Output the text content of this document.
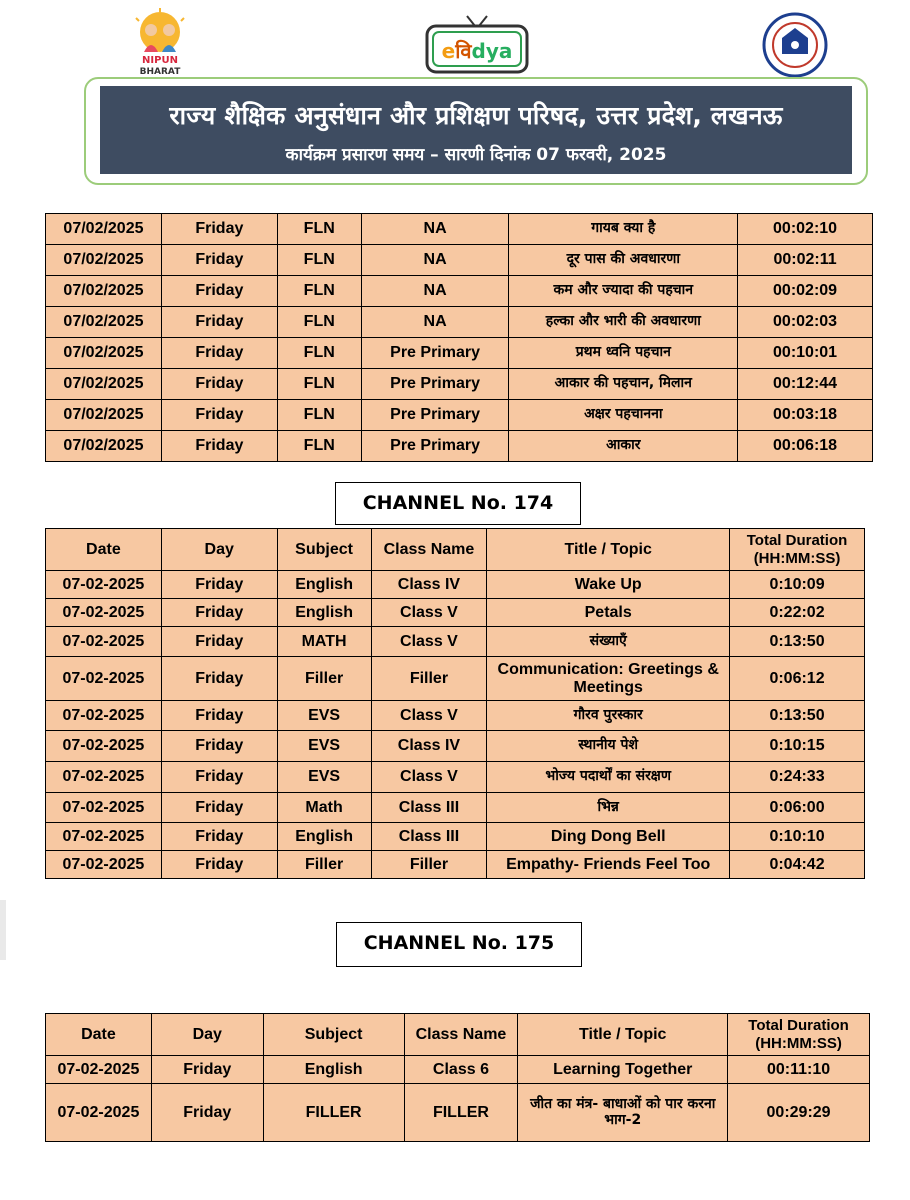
NIPUN
BHARAT
eविdya
राज्य शैक्षिक अनुसंधान और प्रशिक्षण परिषद, उत्तर प्रदेश, लखनऊ
कार्यक्रम प्रसारण समय – सारणी दिनांक 07 फरवरी, 2025
07/02/2025	Friday	FLN	NA	गायब क्या है	00:02:10
07/02/2025	Friday	FLN	NA	दूर पास की अवधारणा	00:02:11
07/02/2025	Friday	FLN	NA	कम और ज्यादा की पहचान	00:02:09
07/02/2025	Friday	FLN	NA	हल्का और भारी की अवधारणा	00:02:03
07/02/2025	Friday	FLN	Pre Primary	प्रथम ध्वनि पहचान	00:10:01
07/02/2025	Friday	FLN	Pre Primary	आकार की पहचान, मिलान	00:12:44
07/02/2025	Friday	FLN	Pre Primary	अक्षर पहचानना	00:03:18
07/02/2025	Friday	FLN	Pre Primary	आकार	00:06:18
CHANNEL No. 174
Date	Day	Subject	Class Name	Title / Topic	Total Duration (HH:MM:SS)
07-02-2025	Friday	English	Class IV	Wake Up	0:10:09
07-02-2025	Friday	English	Class V	Petals	0:22:02
07-02-2025	Friday	MATH	Class V	संख्याएँ	0:13:50
07-02-2025	Friday	Filler	Filler	Communication: Greetings & Meetings	0:06:12
07-02-2025	Friday	EVS	Class V	गौरव पुरस्कार	0:13:50
07-02-2025	Friday	EVS	Class IV	स्थानीय पेशे	0:10:15
07-02-2025	Friday	EVS	Class V	भोज्य पदार्थों का संरक्षण	0:24:33
07-02-2025	Friday	Math	Class III	भिन्न	0:06:00
07-02-2025	Friday	English	Class III	Ding Dong Bell	0:10:10
07-02-2025	Friday	Filler	Filler	Empathy- Friends Feel Too	0:04:42
CHANNEL No. 175
Date	Day	Subject	Class Name	Title / Topic	Total Duration (HH:MM:SS)
07-02-2025	Friday	English	Class 6	Learning Together	00:11:10
07-02-2025	Friday	FILLER	FILLER	जीत का मंत्र- बाधाओं को पार करना भाग-2	00:29:29
